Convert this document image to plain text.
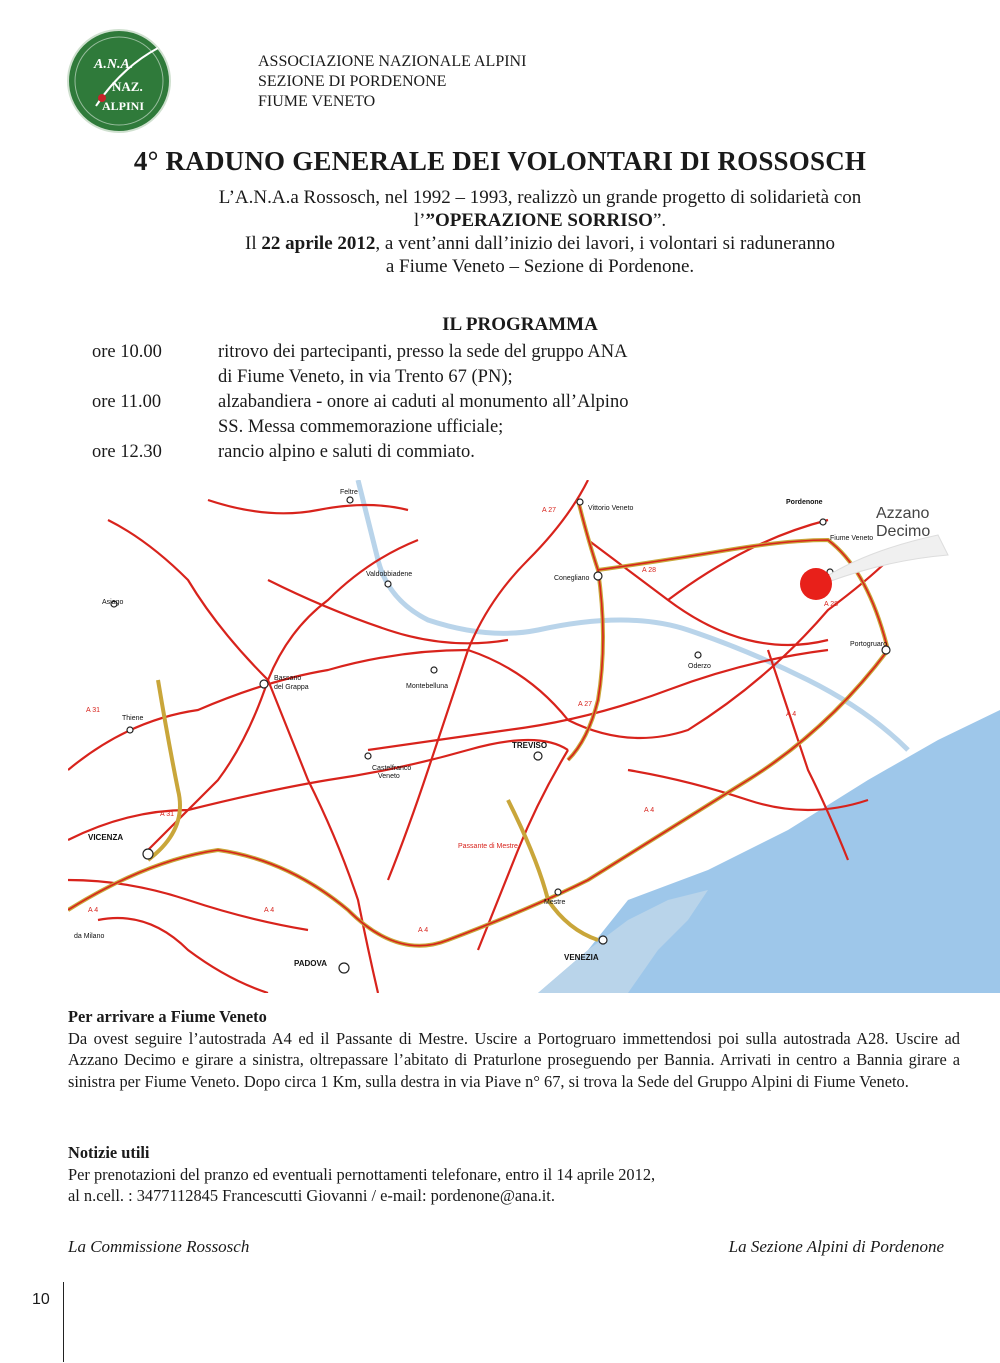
A.N.A.
NAZ.
ALPINI
ASSOCIAZIONE NAZIONALE ALPINI
SEZIONE DI PORDENONE
FIUME VENETO
4° RADUNO GENERALE DEI VOLONTARI DI ROSSOSCH

L’A.N.A.a Rossosch, nel 1992 – 1993, realizzò un grande progetto di solidarietà con

l’”OPERAZIONE SORRISO”.

Il 22 aprile 2012, a vent’anni dall’inizio dei lavori, i volontari si raduneranno

a Fiume Veneto – Sezione di Pordenone.

IL PROGRAMMA
ore 10.00	ritrovo dei partecipanti, presso la sede del gruppo ANA
di Fiume Veneto, in via Trento 67 (PN);
ore 11.00	alzabandiera - onore ai caduti al monumento all’Alpino
SS. Messa commemorazione ufficiale;
ore 12.30	rancio alpino e saluti di commiato.
Feltre
Vittorio Veneto
Pordenone
Fiume Veneto
Valdobbiadene
Conegliano
Asiago
Portogruaro
Oderzo
Bassano
del Grappa	Montebelluna
Thiene
TREVISO
Castelfranco
Veneto
VICENZA
Passante di Mestre
Mestre
PADOVA
VENEZIA
da Milano
A 27
A 27
A 28
A 28
A 4
A 4
A 4
A 4
A 4
A 31
A 31
Azzano
Decimo
Per arrivare a Fiume Veneto

Da ovest seguire l’autostrada A4 ed il Passante di Mestre. Uscire a Portogruaro immettendosi poi sulla autostrada A28. Uscire ad Azzano Decimo e girare a sinistra, oltrepassare l’abitato di Praturlone proseguendo per Bannia. Arrivati in centro a Bannia girare a sinistra per Fiume Veneto. Dopo circa 1 Km, sulla destra in via Piave n° 67, si trova la Sede del Gruppo Alpini di Fiume Veneto.

Notizie utili
Per prenotazioni del pranzo ed eventuali pernottamenti telefonare, entro il 14 aprile 2012,
al n.cell. : 3477112845 Francescutti Giovanni / e-mail: pordenone@ana.it.
La Commissione Rossosch	La Sezione Alpini di Pordenone
10
